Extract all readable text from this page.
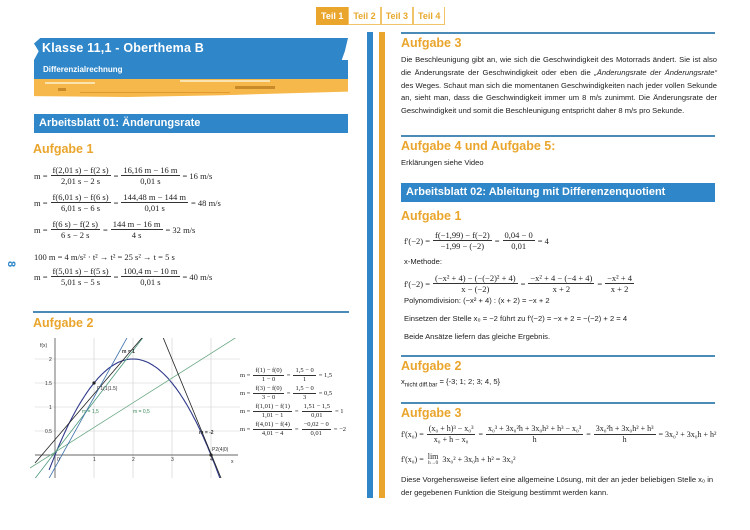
Teil 1	Teil 2	Teil 3	Teil 4
Klasse 11,1 - Oberthema B
Differenzialrechnung
8
Arbeitsblatt 01: Änderungsrate
Aufgabe 1
$m = \frac{f(2,01 s) - f(2 s)}{2,01 s - 2 s} = \frac{16,16 m - 16 m}{0,01 s} = 16$
m/s
$m = \frac{f(6,01 s) - f(6 s)}{6,01 s - 6 s} = \frac{144,48 m - 144 m}{0,01 s} = 48$
m/s
$m = \frac{f(6 s) - f(2 s)}{6 s - 2 s} = \frac{144 m - 16 m}{4 s} = 32$
m/s
$m = \frac{f(5,01 s) - f(5 s)}{5,01 s - 5 s} = \frac{100,4 m - 10 m}{0,01 s} = 40$
m/s
100 m = 4 m/s² · t² → t² = 25 s² → t = 5 s
Aufgabe 2
f(x)
x
0	1	2	3	4
0.5
1
1.5
2
P1(1|1.5)
P2(4|0)
m = 1
m = 1,5	m = 0,5
m = -2
$m = \frac{f(1) - f(0)}{1 - 0} = \frac{1,5 - 0}{1} = 1,5$
$m = \frac{f(3) - f(0)}{3 - 0} = \frac{1,5 - 0}{3} = 0,5$
$m = \frac{f(1,01) - f(1)}{1,01 - 1} = \frac{1,51 - 1,5}{0,01} = 1$
$m = \frac{f(4,01) - f(4)}{4,01 - 4} = \frac{-0,02 - 0}{0,01} = -2$
Aufgabe 3
Die Beschleunigung gibt an, wie sich die Geschwindigkeit des Motorrads ändert. Sie ist also die Änderungsrate der Geschwindigkeit oder eben die „Änderungsrate der Änderungsrate“ des Weges. Schaut man sich die momentanen Geschwindigkeiten nach jeder vollen Sekunde an, sieht man, dass die Geschwindigkeit immer um 8 m/s zunimmt. Die Änderungsrate der Geschwindigkeit und somit die Beschleunigung entspricht daher 8 m/s pro Sekunde.
Aufgabe 4 und Aufgabe 5:
Erklärungen siehe Video
Arbeitsblatt 02: Ableitung mit Differenzenquotient
Aufgabe 1
$f'(-2) = \frac{f(-1,99) - f(-2)}{-1,99 - (-2)} = \frac{0,04 - 0}{0,01} = 4$
x-Methode:
$f'(-2) = \frac{\text{(−x² + 4) − (−(−2)² + 4)}}{x - (-2)} = \frac{\text{−x² + 4 − (−4 + 4)}}{x + 2} = \frac{\text{−x² + 4}}{x + 2}$
Polynomdivision: (−x² + 4) : (x + 2) = −x + 2
Einsetzen der Stelle x₀ = −2 führt zu f'(−2) = −x + 2 = −(−2) + 2 = 4
Beide Ansätze liefern das gleiche Ergebnis.
Aufgabe 2
$x_{nicht diff.bar} = \{-3$; 1; 2; 3; 4, 5}
Aufgabe 3
$f'(x_0) = \frac{\text{(x₀ + h)³ − x₀³}}{\text{x₀ + h − x₀}} = \frac{\text{x₀³ + 3x₀²h + 3x₀h² + h³ − x₀³}}{h} = \frac{\text{3x₀²h + 3x₀h² + h³}}{h} = 3x_0^2 + 3x_0h + h^2$
f'(x₀) = lim
h→0 3x₀² + 3x₀h + h² = 3x₀²
Diese Vorgehensweise liefert eine allgemeine Lösung, mit der an jeder beliebigen Stelle x₀ in der gegebenen Funktion die Steigung bestimmt werden kann.
